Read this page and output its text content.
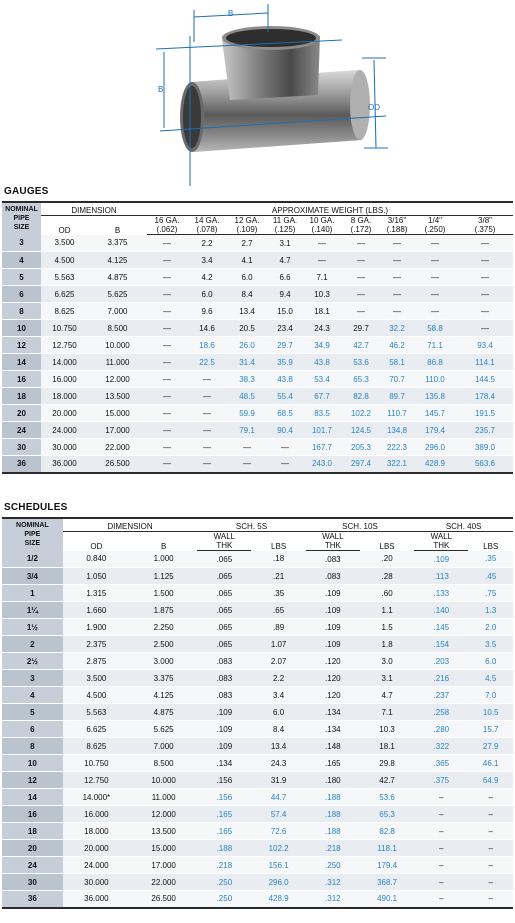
B
B
OD
GAUGES
NOMINAL
PIPE
SIZE	DIMENSION		APPROXIMATE WEIGHT (LBS.)								
	OD	B	16 GA.	14 GA.	12 GA.	11 GA.	10 GA.	8 GA.	3/16"	1/4"	3/8"
			(.062)	(.078)	(.109)	(.125)	(.140)	(.172)	(.188)	(.250)	(.375)
3	3.500	3.375	—	2.2	2.7	3.1	—	—	—	—	—
4	4.500	4.125	—	3.4	4.1	4.7	—	—	—	—	—
5	5.563	4.875	—	4.2	6.0	6.6	7.1	—	—	—	—
6	6.625	5.625	—	6.0	8.4	9.4	10.3	—	—	—	—
8	8.625	7.000	—	9.6	13.4	15.0	18.1	—	—	—	—
10	10.750	8.500	—	14.6	20.5	23.4	24.3	29.7	32.2	58.8	—
12	12.750	10.000	—	18.6	26.0	29.7	34.9	42.7	46.2	71.1	93.4
14	14.000	11.000	—	22.5	31.4	35.9	43.8	53.6	58.1	86.8	114.1
16	16.000	12.000	—	—	38.3	43.8	53.4	65.3	70.7	110.0	144.5
18	18.000	13.500	—	—	48.5	55.4	67.7	82.8	89.7	135.8	178.4
20	20.000	15.000	—	—	59.9	68.5	83.5	102.2	110.7	145.7	191.5
24	24.000	17.000	—	—	79.1	90.4	101.7	124.5	134.8	179.4	235.7
30	30.000	22.000	—	—	—	—	167.7	205.3	222.3	296.0	389.0
36	36.000	26.500	—	—	—	—	243.0	297.4	322.1	428.9	563.6
SCHEDULES
NOMINAL
PIPE
SIZE	DIMENSION		SCH. 5S		SCH. 10S		SCH. 40S	
	OD	B	WALL	LBS	WALL	LBS	WALL	LBS
			THK		THK		THK	
1/2	0.840	1.000	.065	.18	.083	.20	.109	.35
3/4	1.050	1.125	.065	.21	.083	.28	.113	.45
1	1.315	1.500	.065	.35	.109	.60	.133	.75
1¼	1.660	1.875	.065	.65	.109	1.1	.140	1.3
1½	1.900	2.250	.065	.89	.109	1.5	.145	2.0
2	2.375	2.500	.065	1.07	.109	1.8	.154	3.5
2½	2.875	3.000	.083	2.07	.120	3.0	.203	6.0
3	3.500	3.375	.083	2.2	.120	3.1	.216	4.5
4	4.500	4.125	.083	3.4	.120	4.7	.237	7.0
5	5.563	4.875	.109	6.0	.134	7.1	.258	10.5
6	6.625	5.625	.109	8.4	.134	10.3	.280	15.7
8	8.625	7.000	.109	13.4	.148	18.1	.322	27.9
10	10.750	8.500	.134	24.3	.165	29.8	.365	46.1
12	12.750	10.000	.156	31.9	.180	42.7	.375	64.9
14	14.000*	11.000	.156	44.7	.188	53.6	–	–
16	16.000	12.000	.165	57.4	.188	65.3	–	–
18	18.000	13.500	.165	72.6	.188	82.8	–	–
20	20.000	15.000	.188	102.2	.218	118.1	–	–
24	24.000	17.000	.218	156.1	.250	179.4	–	–
30	30.000	22.000	.250	296.0	.312	368.7	–	–
36	36.000	26.500	.250	428.9	.312	490.1	–	–
